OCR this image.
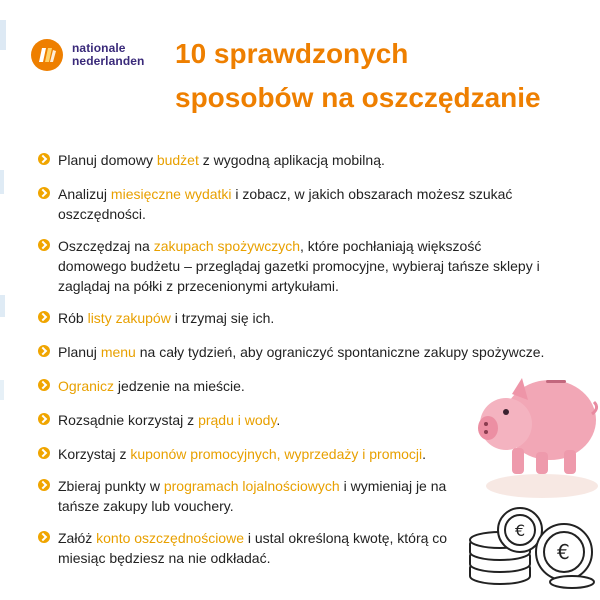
nationale
nederlanden 10 sprawdzonych
sposobów na oszczędzanie
Planuj domowy budżet z wygodną aplikacją mobilną.
Analizuj miesięczne wydatki i zobacz, w jakich obszarach możesz szukać oszczędności.
Oszczędzaj na zakupach spożywczych, które pochłaniają większość domowego budżetu – przeglądaj gazetki promocyjne, wybieraj tańsze sklepy i zaglądaj na półki z przecenionymi artykułami.
Rób listy zakupów i trzymaj się ich.
Planuj menu na cały tydzień, aby ograniczyć spontaniczne zakupy spożywcze.
Ogranicz jedzenie na mieście.
Rozsądnie korzystaj z prądu i wody.
Korzystaj z kuponów promocyjnych, wyprzedaży i promocji.
Zbieraj punkty w programach lojalnościowych i wymieniaj je na tańsze zakupy lub vouchery.
Załóż konto oszczędnościowe i ustal określoną kwotę, którą co miesiąc będziesz na nie odkładać.
€
€
